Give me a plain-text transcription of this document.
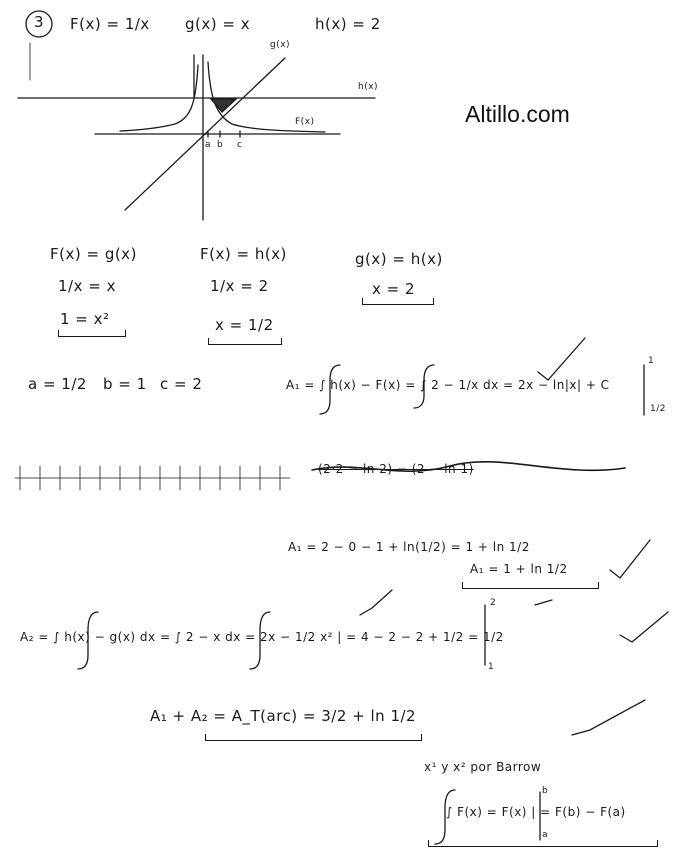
3 F(x) = 1/x g(x) = x	h(x) = 2
g(x)
h(x)
F(x)
a b c
Altillo.com
F(x) = g(x)
1/x = x
1 = x²
F(x) = h(x)
1/x = 2
x = 1/2
g(x) = h(x)
x = 2
a = 1/2 b = 1 c = 2	A₁ = ∫ h(x) − F(x) = ∫ 2 − 1/x dx = 2x − ln|x| + C
1/2
1
(2·2 − ln 2) − (2 − ln 1)
A₁ = 2 − 0 − 1 + ln(1/2) = 1 + ln 1/2
A₁ = 1 + ln 1/2
A₂ = ∫ h(x) − g(x) dx = ∫ 2 − x dx = 2x − 1/2 x² | = 4 − 2 − 2 + 1/2 = 1/2
1
2
A₁ + A₂ = A_T(arc) = 3/2 + ln 1/2
x¹ y x² por Barrow
∫ F(x) = F(x) | = F(b) − F(a)
a
b
